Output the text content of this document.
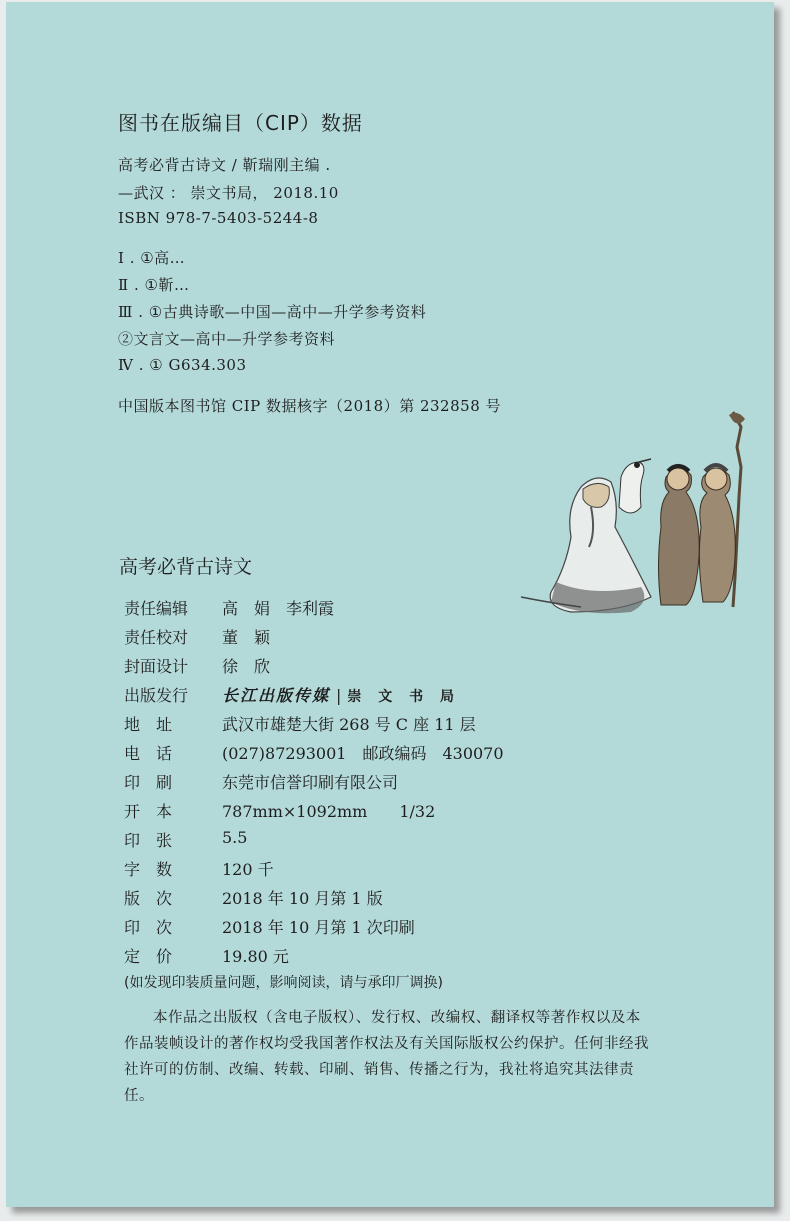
图书在版编目（CIP）数据
高考必背古诗文 / 靳瑞刚主编 .
—武汉 ： 崇文书局， 2018.10
ISBN 978-7-5403-5244-8
Ⅰ . ①高…
Ⅱ . ①靳…
Ⅲ . ①古典诗歌—中国—高中—升学参考资料
②文言文—高中—升学参考资料
Ⅳ . ① G634.303
中国版本图书馆 CIP 数据核字（2018）第 232858 号
高考必背古诗文
责任编辑	高　娟　李利霞
责任校对	董　颖
封面设计	徐　欣
出版发行	长江出版传媒 | 崇 文 书 局
地　址	武汉市雄楚大街 268 号 C 座 11 层
电　话	(027)87293001　邮政编码　430070
印　刷	东莞市信誉印刷有限公司
开　本	787mm×1092mm　　1/32
印　张	5.5
字　数	120 千
版　次	2018 年 10 月第 1 版
印　次	2018 年 10 月第 1 次印刷
定　价	19.80 元
(如发现印装质量问题，影响阅读，请与承印厂调换)
本作品之出版权（含电子版权）、发行权、改编权、翻译权等著作权以及本作品装帧设计的著作权均受我国著作权法及有关国际版权公约保护。任何非经我社许可的仿制、改编、转载、印刷、销售、传播之行为，我社将追究其法律责任。
